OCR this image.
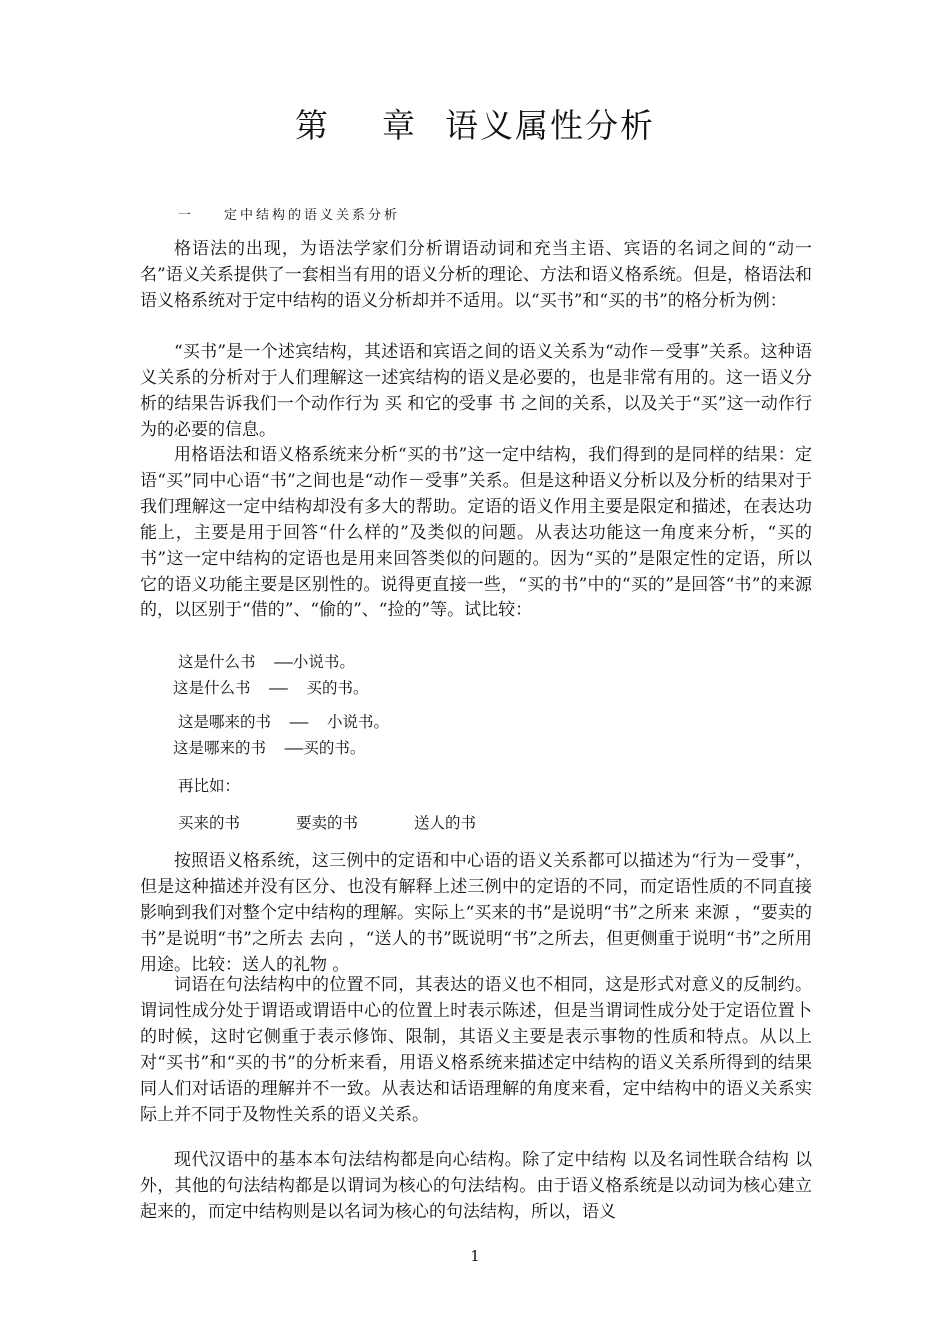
第 章 语义属性分析
一 定中结构的语义关系分析

格语法的出现，为语法学家们分析谓语动词和充当主语、宾语的名词之间的“动一名”语义关系提供了一套相当有用的语义分析的理论、方法和语义格系统。但是，格语法和语义格系统对于定中结构的语义分析却并不适用。以“买书”和“买的书”的格分析为例：

“买书”是一个述宾结构，其述语和宾语之间的语义关系为“动作－受事”关系。这种语义关系的分析对于人们理解这一述宾结构的语义是必要的，也是非常有用的。这一语义分析的结果告诉我们一个动作行为 买 和它的受事 书 之间的关系，以及关于“买”这一动作行为的必要的信息。

用格语法和语义格系统来分析“买的书”这一定中结构，我们得到的是同样的结果：定语“买”同中心语“书”之间也是“动作－受事”关系。但是这种语义分析以及分析的结果对于我们理解这一定中结构却没有多大的帮助。定语的语义作用主要是限定和描述，在表达功能上，主要是用于回答“什么样的”及类似的问题。从表达功能这一角度来分析，“买的书”这一定中结构的定语也是用来回答类似的问题的。因为“买的”是限定性的定语，所以它的语义功能主要是区别性的。说得更直接一些，“买的书”中的“买的”是回答“书”的来源的，以区别于“借的”、“偷的”、“捡的”等。试比较：

这是什么书  ——小说书。
这是什么书  ——  买的书。
这是哪来的书  ——  小说书。
这是哪来的书  ——买的书。
再比如：
买来的书      要卖的书      送人的书

按照语义格系统，这三例中的定语和中心语的语义关系都可以描述为“行为－受事”，但是这种描述并没有区分、也没有解释上述三例中的定语的不同，而定语性质的不同直接影响到我们对整个定中结构的理解。实际上“买来的书”是说明“书”之所来 来源 ，“要卖的书”是说明“书”之所去 去向 ，“送人的书”既说明“书”之所去，但更侧重于说明“书”之所用 用途。比较：送人的礼物 。

词语在句法结构中的位置不同，其表达的语义也不相同，这是形式对意义的反制约。谓词性成分处于谓语或谓语中心的位置上时表示陈述，但是当谓词性成分处于定语位置卜的时候，这时它侧重于表示修饰、限制，其语义主要是表示事物的性质和特点。从以上对“买书”和“买的书”的分析来看，用语义格系统来描述定中结构的语义关系所得到的结果同人们对话语的理解并不一致。从表达和话语理解的角度来看，定中结构中的语义关系实际上并不同于及物性关系的语义关系。

现代汉语中的基本本句法结构都是向心结构。除了定中结构 以及名词性联合结构 以外，其他的句法结构都是以谓词为核心的句法结构。由于语义格系统是以动词为核心建立起来的，而定中结构则是以名词为核心的句法结构，所以，语义

1
